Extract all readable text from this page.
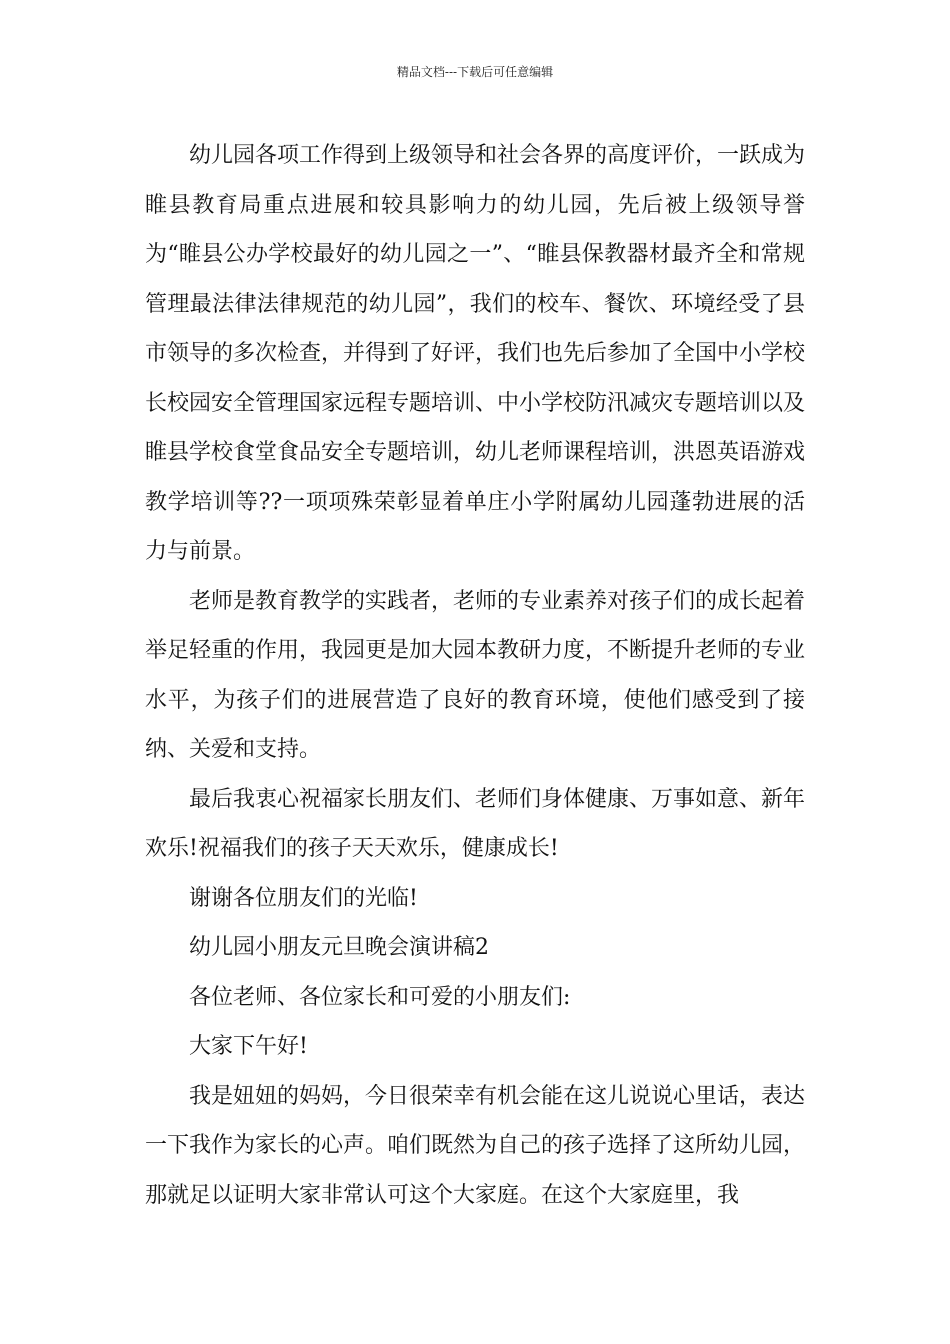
精品文档---下载后可任意编辑

幼儿园各项工作得到上级领导和社会各界的高度评价，一跃成为睢县教育局重点进展和较具影响力的幼儿园，先后被上级领导誉为“睢县公办学校最好的幼儿园之一”、“睢县保教器材最齐全和常规管理最法律法律规范的幼儿园”，我们的校车、餐饮、环境经受了县市领导的多次检查，并得到了好评，我们也先后参加了全国中小学校长校园安全管理国家远程专题培训、中小学校防汛减灾专题培训以及睢县学校食堂食品安全专题培训，幼儿老师课程培训，洪恩英语游戏教学培训等??一项项殊荣彰显着单庄小学附属幼儿园蓬勃进展的活力与前景。

老师是教育教学的实践者，老师的专业素养对孩子们的成长起着举足轻重的作用，我园更是加大园本教研力度，不断提升老师的专业水平，为孩子们的进展营造了良好的教育环境，使他们感受到了接纳、关爱和支持。

最后我衷心祝福家长朋友们、老师们身体健康、万事如意、新年欢乐!祝福我们的孩子天天欢乐，健康成长!

谢谢各位朋友们的光临!

幼儿园小朋友元旦晚会演讲稿2

各位老师、各位家长和可爱的小朋友们:

大家下午好!

我是妞妞的妈妈，今日很荣幸有机会能在这儿说说心里话，表达一下我作为家长的心声。咱们既然为自己的孩子选择了这所幼儿园，那就足以证明大家非常认可这个大家庭。在这个大家庭里，我
